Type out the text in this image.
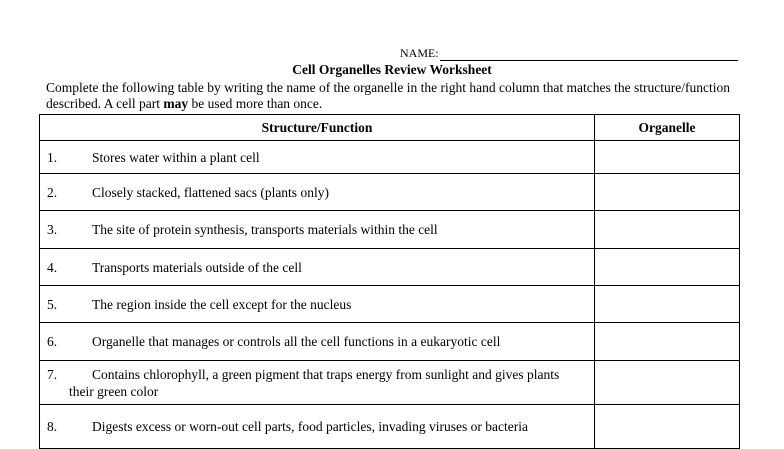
NAME:
Cell Organelles Review Worksheet
Complete the following table by writing the name of the organelle in the right hand column that matches the structure/function described. A cell part may be used more than once.
Structure/Function	Organelle

1. Stores water within a plant cell	

2. Closely stacked, flattened sacs (plants only)	

3. The site of protein synthesis, transports materials within the cell	

4. Transports materials outside of the cell	

5. The region inside the cell except for the nucleus	

6. Organelle that manages or controls all the cell functions in a eukaryotic cell	

7. Contains chlorophyll, a green pigment that traps energy from sunlight and gives plants their green color	

8. Digests excess or worn-out cell parts, food particles, invading viruses or bacteria	
